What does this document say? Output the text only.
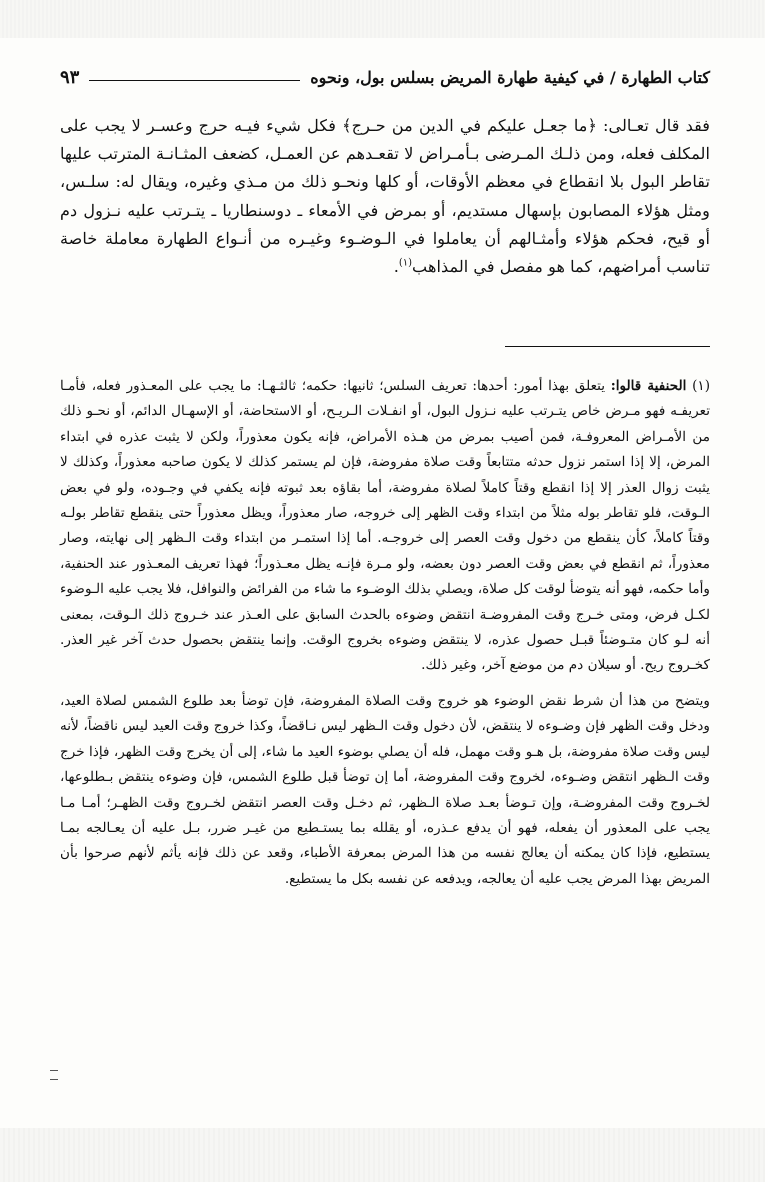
كتاب الطهارة / في كيفية طهارة المريض بسلس بول، ونحوه
٩٣

فقد قال تعـالى: ﴿ما جعـل عليكم في الدين من حـرج﴾ فكل شيء فيـه حرج وعسـر لا يجب على المكلف فعله، ومن ذلـك المـرضى بـأمـراض لا تقعـدهم عن العمـل، كضعف المثـانـة المترتب عليها تقاطر البول بلا انقطاع في معظم الأوقات، أو كلها ونحـو ذلك من مـذي وغيره، ويقال له: سلـس، ومثل هؤلاء المصابون بإسهال مستديم، أو بمرض في الأمعاء ـ دوسنطاريا ـ يتـرتب عليه نـزول دم أو قيح، فحكم هؤلاء وأمثـالهم أن يعاملوا في الـوضـوء وغيـره من أنـواع الطهارة معاملة خاصة تناسب أمراضهم، كما هو مفصل في المذاهب$^{(١)}$.

(١) الحنفية قالوا: يتعلق بهذا أمور: أحدها: تعريف السلس؛ ثانيها: حكمه؛ ثالثـهـا: ما يجب على المعـذور فعله، فأمـا تعريفـه فهو مـرض خاص يتـرتب عليه نـزول البول، أو انفـلات الـريـح، أو الاستحاضة، أو الإسهـال الدائم، أو نحـو ذلك من الأمـراض المعروفـة، فمن أصيب بمرض من هـذه الأمراض، فإنه يكون معذوراً، ولكن لا يثبت عذره في ابتداء المرض، إلا إذا استمر نزول حدثه متتابعاً وقت صلاة مفروضة، فإن لم يستمر كذلك لا يكون صاحبه معذوراً، وكذلك لا يثبت زوال العذر إلا إذا انقطع وقتاً كاملاً لصلاة مفروضة، أما بقاؤه بعد ثبوته فإنه يكفي في وجـوده، ولو في بعض الـوقت، فلو تقاطر بوله مثلاً من ابتداء وقت الظهر إلى خروجه، صار معذوراً، ويظل معذوراً حتى ينقطع تقاطر بولـه وقتاً كاملاً، كأن ينقطع من دخول وقت العصر إلى خروجـه. أما إذا استمـر من ابتداء وقت الـظهر إلى نهايته، وصار معذوراً، ثم انقطع في بعض وقت العصر دون بعضه، ولو مـرة فإنـه يظل معـذوراً؛ فهذا تعريف المعـذور عند الحنفية، وأما حكمه، فهو أنه يتوضأ لوقت كل صلاة، ويصلي بذلك الوضـوء ما شاء من الفرائض والنوافل، فلا يجب عليه الـوضوء لكـل فرض، ومتى خـرج وقت المفروضـة انتقض وضوءه بالحدث السابق على العـذر عند خـروج ذلك الـوقت، بمعنى أنه لـو كان متـوضئاً قبـل حصول عذره، لا ينتقض وضوءه بخروج الوقت. وإنما ينتقض بحصول حدث آخر غير العذر. كخـروج ريح. أو سيلان دم من موضع آخر، وغير ذلك.

ويتضح من هذا أن شرط نقض الوضوء هو خروج وقت الصلاة المفروضة، فإن توضأ بعد طلوع الشمس لصلاة العيد، ودخل وقت الظهر فإن وضـوءه لا ينتقض، لأن دخول وقت الـظهر ليس نـاقضاً، وكذا خروج وقت العيد ليس ناقضاً، لأنه ليس وقت صلاة مفروضة، بل هـو وقت مهمل، فله أن يصلي بوضوء العيد ما شاء، إلى أن يخرج وقت الظهر، فإذا خرج وقت الـظهر انتقض وضـوءه، لخروج وقت المفروضة، أما إن توضأ قبل طلوع الشمس، فإن وضوءه ينتقض بـطلوعها، لخـروج وقت المفروضـة، وإن تـوضأ بعـد صلاة الـظهر، ثم دخـل وقت العصر انتقض لخـروج وقت الظهـر؛ أمـا مـا يجب على المعذور أن يفعله، فهو أن يدفع عـذره، أو يقلله بما يستـطيع من غيـر ضرر، بـل عليه أن يعـالجه بمـا يستطيع، فإذا كان يمكنه أن يعالج نفسه من هذا المرض بمعرفة الأطباء، وقعد عن ذلك فإنه يأثم لأنهم صرحوا بأن المريض بهذا المرض يجب عليه أن يعالجه، ويدفعه عن نفسه بكل ما يستطيع.
